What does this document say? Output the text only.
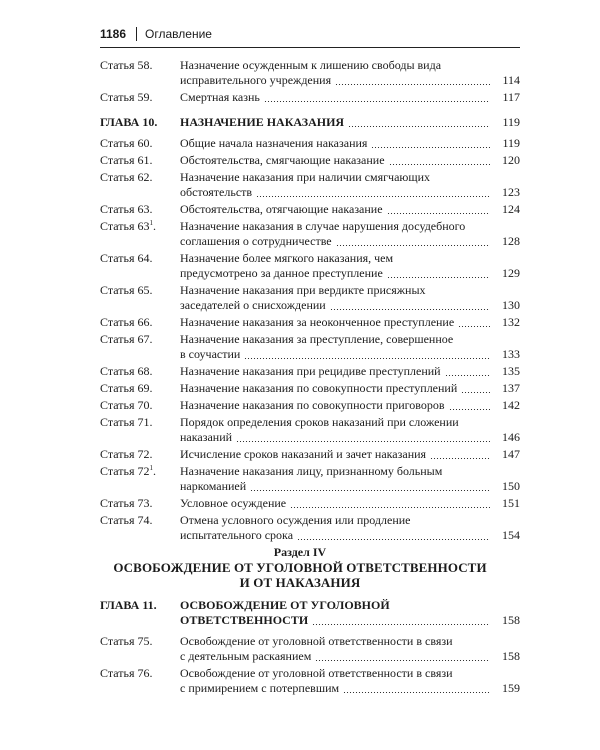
1186 Оглавление
Статья 58.	Назначение осужденным к лишению свободы вида
исправительного учреждения	114
Статья 59.	Смертная казнь	117
ГЛАВА 10.	НАЗНАЧЕНИЕ НАКАЗАНИЯ	119
Статья 60.	Общие начала назначения наказания	119
Статья 61.	Обстоятельства, смягчающие наказание	120
Статья 62.	Назначение наказания при наличии смягчающих
обстоятельств	123
Статья 63.	Обстоятельства, отягчающие наказание	124
Статья $63^1$.	Назначение наказания в случае нарушения досудебного
соглашения о сотрудничестве	128
Статья 64.	Назначение более мягкого наказания, чем
предусмотрено за данное преступление	129
Статья 65.	Назначение наказания при вердикте присяжных
заседателей о снисхождении	130
Статья 66.	Назначение наказания за неоконченное преступление	132
Статья 67.	Назначение наказания за преступление, совершенное
в соучастии	133
Статья 68.	Назначение наказания при рецидиве преступлений	135
Статья 69.	Назначение наказания по совокупности преступлений	137
Статья 70.	Назначение наказания по совокупности приговоров	142
Статья 71.	Порядок определения сроков наказаний при сложении
наказаний	146
Статья 72.	Исчисление сроков наказаний и зачет наказания	147
Статья $72^1$.	Назначение наказания лицу, признанному больным
наркоманией	150
Статья 73.	Условное осуждение	151
Статья 74.	Отмена условного осуждения или продление
испытательного срока	154
Раздел IV
ОСВОБОЖДЕНИЕ ОТ УГОЛОВНОЙ ОТВЕТСТВЕННОСТИ
И ОТ НАКАЗАНИЯ
ГЛАВА 11.	ОСВОБОЖДЕНИЕ ОТ УГОЛОВНОЙ
ОТВЕТСТВЕННОСТИ	158
Статья 75.	Освобождение от уголовной ответственности в связи
с деятельным раскаянием	158
Статья 76.	Освобождение от уголовной ответственности в связи
с примирением с потерпевшим	159
